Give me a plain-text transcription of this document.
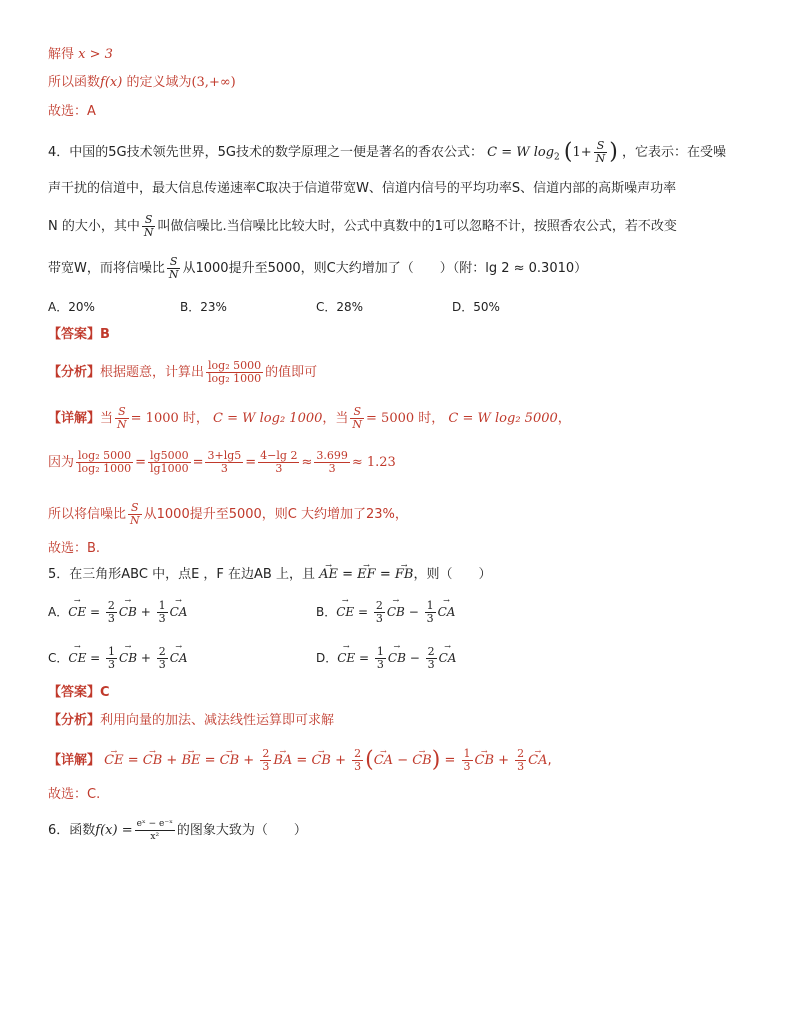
解得 x > 3
所以函数f(x) 的定义域为(3,+∞)
故选：A
4．中国的5G技术领先世界，5G技术的数学原理之一便是著名的香农公式： C = W $\log_2 (1+ \frac{S}{N}$ ) ，它表示：在受噪
声干扰的信道中，最大信息传递速率C取决于信道带宽W、信道内信号的平均功率S、信道内部的高斯噪声功率
N 的大小，其中 $\frac{S}{N}$ 叫做信噪比.当信噪比比较大时，公式中真数中的1可以忽略不计，按照香农公式，若不改变
带宽W，而将信噪比 $\frac{S}{N}$ 从1000提升至5000，则C大约增加了（　　）（附：lg 2 ≈ 0.3010）
A．20%	B．23%	C．28%	D．50%
【答案】B
【分析】根据题意，计算出 $\frac{\text{log₂ 5000}}{\text{log₂ 1000}}$ 的值即可
【详解】当 $\frac{S}{N} = 1000$ 时， C = W log₂ 1000，当 $\frac{S}{N} = 5000$ 时， C = W log₂ 5000，
因为 $\frac{\text{log₂ 5000}}{\text{log₂ 1000}} = \frac{\lg 5000}{\lg 1000} = \frac{3+\lg 5}{3} = \frac{4-\lg 2}{3} \approx \frac{3.699}{3} \approx 1.23$
所以将信噪比 $\frac{S}{N}$ 从1000提升至5000，则C 大约增加了23%，
故选：B.
5．在三角形ABC 中，点E ，F 在边AB 上，且 → AE = → EF = → FB，则（　　）
A．→ CE = $\frac{2}{3}$ → CB + $\frac{1}{3}$ → CA	B．→ CE = $\frac{2}{3}$ → CB − $\frac{1}{3}$ → CA
C．→ CE = $\frac{1}{3}$ → CB + $\frac{2}{3}$ → CA	D．→ CE = $\frac{1}{3}$ → CB − $\frac{2}{3}$ → CA
【答案】C
【分析】利用向量的加法、减法线性运算即可求解
【详解】 → CE = → CB + → BE = → CB + $\frac{2}{3}$ → BA = → CB + $\frac{2}{3}$ (→ CA − → $CB) = \frac{1}{3}$ → CB + $\frac{2}{3}$ → CA,
故选：C.
6．函数$f(x) = \frac{\text{eˣ − e⁻ˣ}}{\text{x²}}$ 的图象大致为（　　）
